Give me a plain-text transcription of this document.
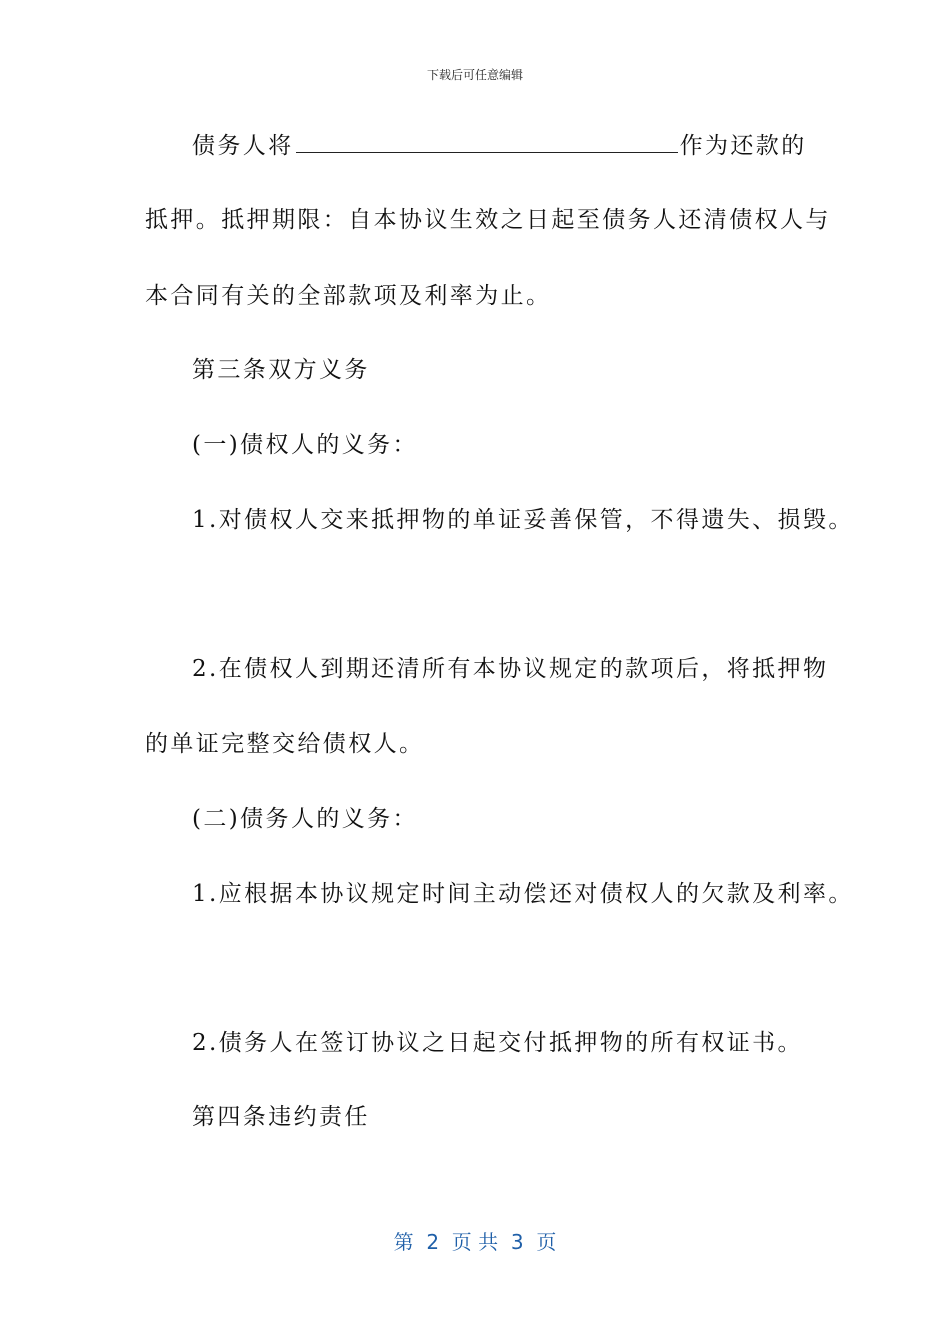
下载后可任意编辑
债务人将	作为还款的
抵押。抵押期限：自本协议生效之日起至债务人还清债权人与
本合同有关的全部款项及利率为止。
第三条双方义务
(一)债权人的义务：
1.对债权人交来抵押物的单证妥善保管，不得遗失、损毁。
2.在债权人到期还清所有本协议规定的款项后，将抵押物
的单证完整交给债权人。
(二)债务人的义务：
1.应根据本协议规定时间主动偿还对债权人的欠款及利率。
2.债务人在签订协议之日起交付抵押物的所有权证书。
第四条违约责任
第  2  页 共  3  页
